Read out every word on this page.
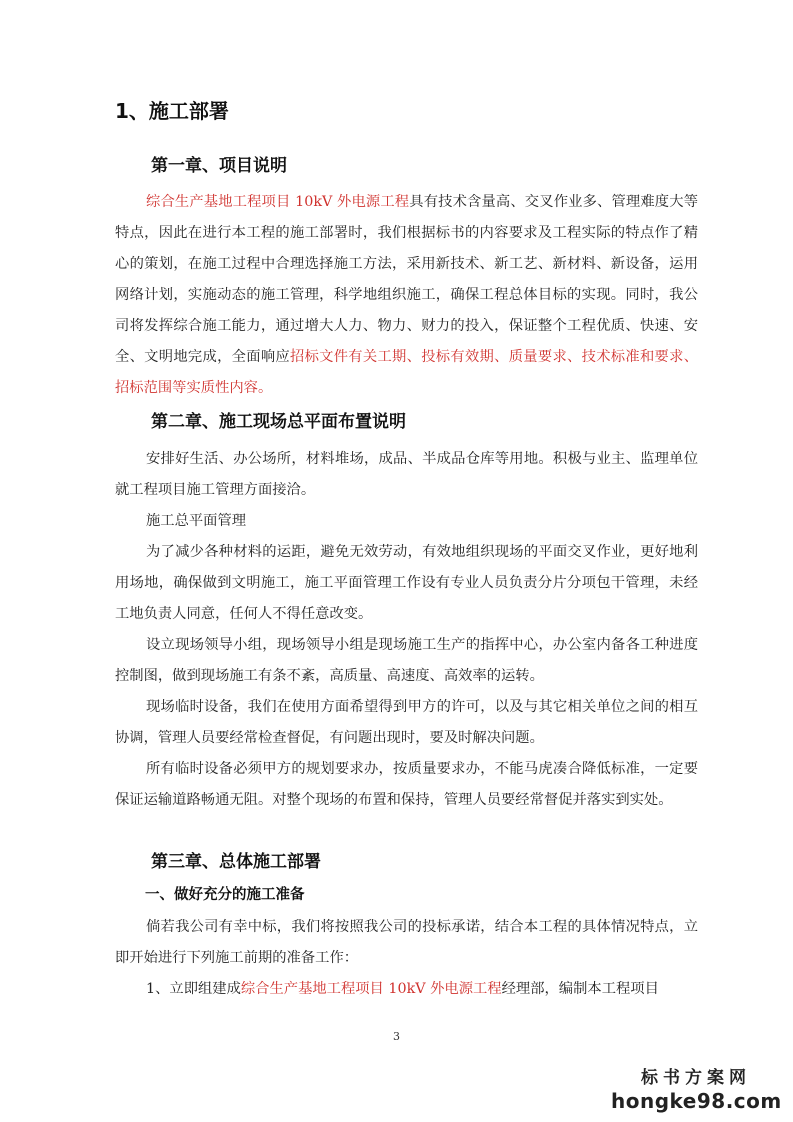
1、施工部署
第一章、项目说明
综合生产基地工程项目 10kV 外电源工程具有技术含量高、交叉作业多、管理难度大等特点，因此在进行本工程的施工部署时，我们根据标书的内容要求及工程实际的特点作了精心的策划，在施工过程中合理选择施工方法，采用新技术、新工艺、新材料、新设备，运用网络计划，实施动态的施工管理，科学地组织施工，确保工程总体目标的实现。同时，我公司将发挥综合施工能力，通过增大人力、物力、财力的投入，保证整个工程优质、快速、安全、文明地完成，全面响应招标文件有关工期、投标有效期、质量要求、技术标准和要求、招标范围等实质性内容。
第二章、施工现场总平面布置说明
安排好生活、办公场所，材料堆场，成品、半成品仓库等用地。积极与业主、监理单位就工程项目施工管理方面接洽。
施工总平面管理
为了减少各种材料的运距，避免无效劳动，有效地组织现场的平面交叉作业，更好地利用场地，确保做到文明施工，施工平面管理工作设有专业人员负责分片分项包干管理，未经工地负责人同意，任何人不得任意改变。
设立现场领导小组，现场领导小组是现场施工生产的指挥中心，办公室内备各工种进度控制图，做到现场施工有条不紊，高质量、高速度、高效率的运转。
现场临时设备，我们在使用方面希望得到甲方的许可，以及与其它相关单位之间的相互协调，管理人员要经常检查督促，有问题出现时，要及时解决问题。
所有临时设备必须甲方的规划要求办，按质量要求办，不能马虎凑合降低标准，一定要保证运输道路畅通无阻。对整个现场的布置和保持，管理人员要经常督促并落实到实处。
第三章、总体施工部署
一、做好充分的施工准备
倘若我公司有幸中标，我们将按照我公司的投标承诺，结合本工程的具体情况特点，立即开始进行下列施工前期的准备工作：
1、立即组建成综合生产基地工程项目 10kV 外电源工程经理部，编制本工程项目
3
标书方案网
hongke98.com
